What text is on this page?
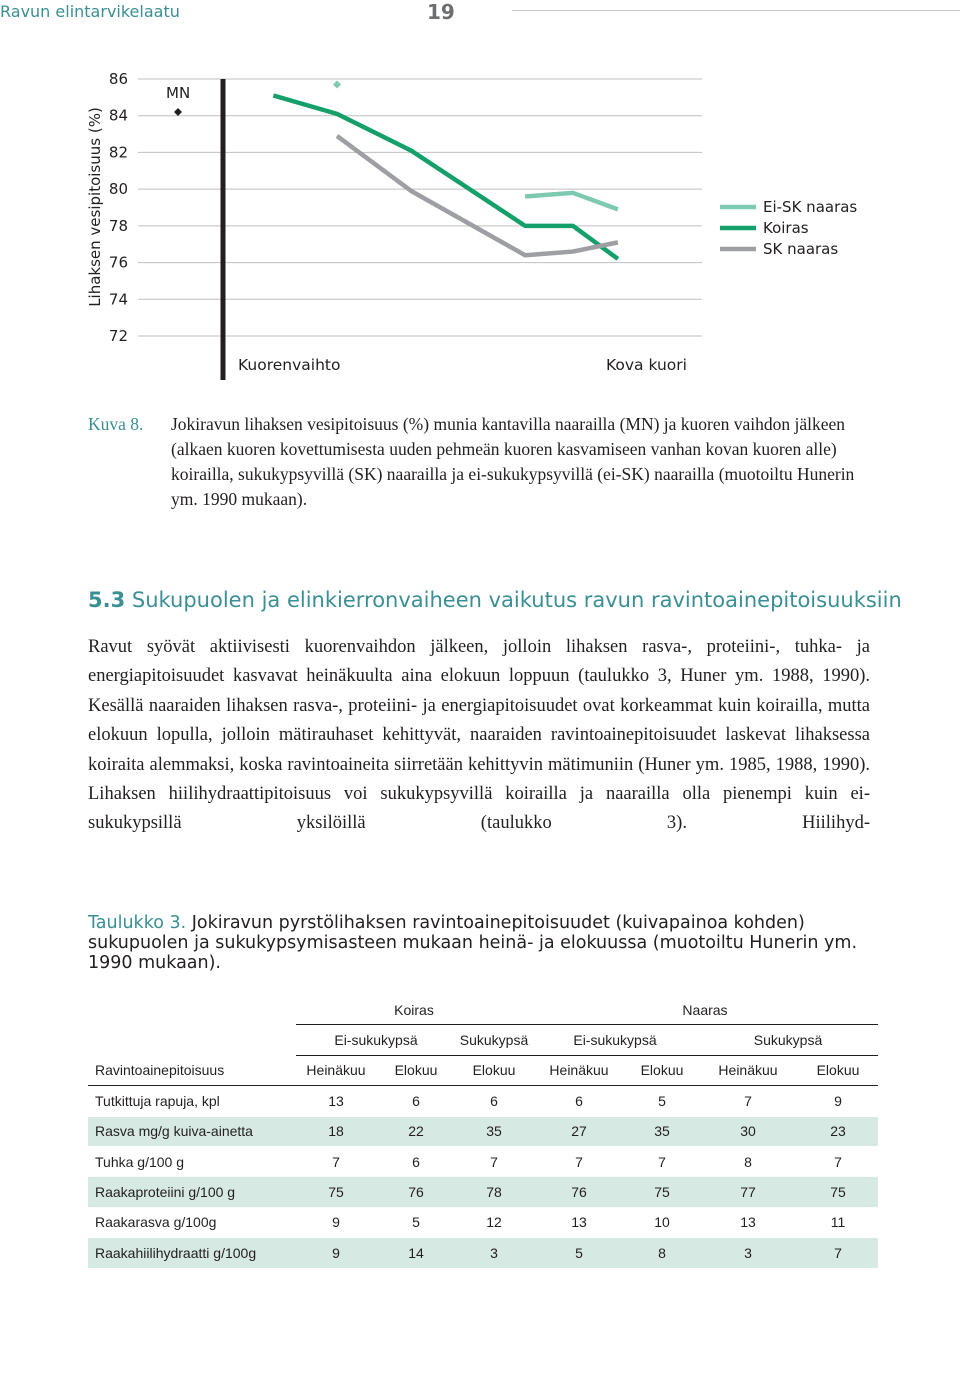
Ravun elintarvikelaatu	19
86
84
82
80
78
76
74
72
Lihaksen vesipitoisuus (%)
MN
Kuorenvaihto	Kova kuori
Ei-SK naaras
Koiras
SK naaras
Kuva 8. Jokiravun lihaksen vesipitoisuus (%) munia kantavilla naarailla (MN) ja kuoren vaihdon jälkeen (alkaen kuoren kovettumisesta uuden pehmeän kuoren kasvamiseen vanhan kovan kuoren alle) koirailla, sukukypsyvillä (SK) naarailla ja ei-sukukypsyvillä (ei-SK) naarailla (muotoiltu Hunerin ym. 1990 mukaan).
5.3 Sukupuolen ja elinkierronvaiheen vaikutus ravun ravintoainepitoisuuksiin
Ravut syövät aktiivisesti kuorenvaihdon jälkeen, jolloin lihaksen rasva-, proteiini-, tuhka- ja energiapitoisuudet kasvavat heinäkuulta aina elokuun loppuun (taulukko 3, Huner ym. 1988, 1990). Kesällä naaraiden lihaksen rasva-, proteiini- ja energiapitoisuudet ovat korkeammat kuin koirailla, mutta elokuun lopulla, jolloin mätirauhaset kehittyvät, naaraiden ravintoainepitoisuudet laskevat lihaksessa koiraita alemmaksi, koska ravintoaineita siirretään kehittyvin mätimuniin (Huner ym. 1985, 1988, 1990). Lihaksen hiilihydraattipitoisuus voi sukukypsyvillä koirailla ja naarailla olla pienempi kuin ei-sukukypsillä yksilöillä (taulukko 3). Hiilihyd-
Taulukko 3. Jokiravun pyrstölihaksen ravintoainepitoisuudet (kuivapainoa kohden) sukupuolen ja sukukypsymisasteen mukaan heinä- ja elokuussa (muotoiltu Hunerin ym. 1990 mukaan).
	Koiras			Naaras			
	Ei-sukukypsä		Sukukypsä	Ei-sukukypsä		Sukukypsä	
Ravintoainepitoisuus	Heinäkuu	Elokuu	Elokuu	Heinäkuu	Elokuu	Heinäkuu	Elokuu
Tutkittuja rapuja, kpl	13	6	6	6	5	7	9
Rasva mg/g kuiva-ainetta	18	22	35	27	35	30	23
Tuhka g/100 g	7	6	7	7	7	8	7
Raakaproteiini g/100 g	75	76	78	76	75	77	75
Raakarasva g/100g	9	5	12	13	10	13	11
Raakahiilihydraatti g/100g	9	14	3	5	8	3	7
